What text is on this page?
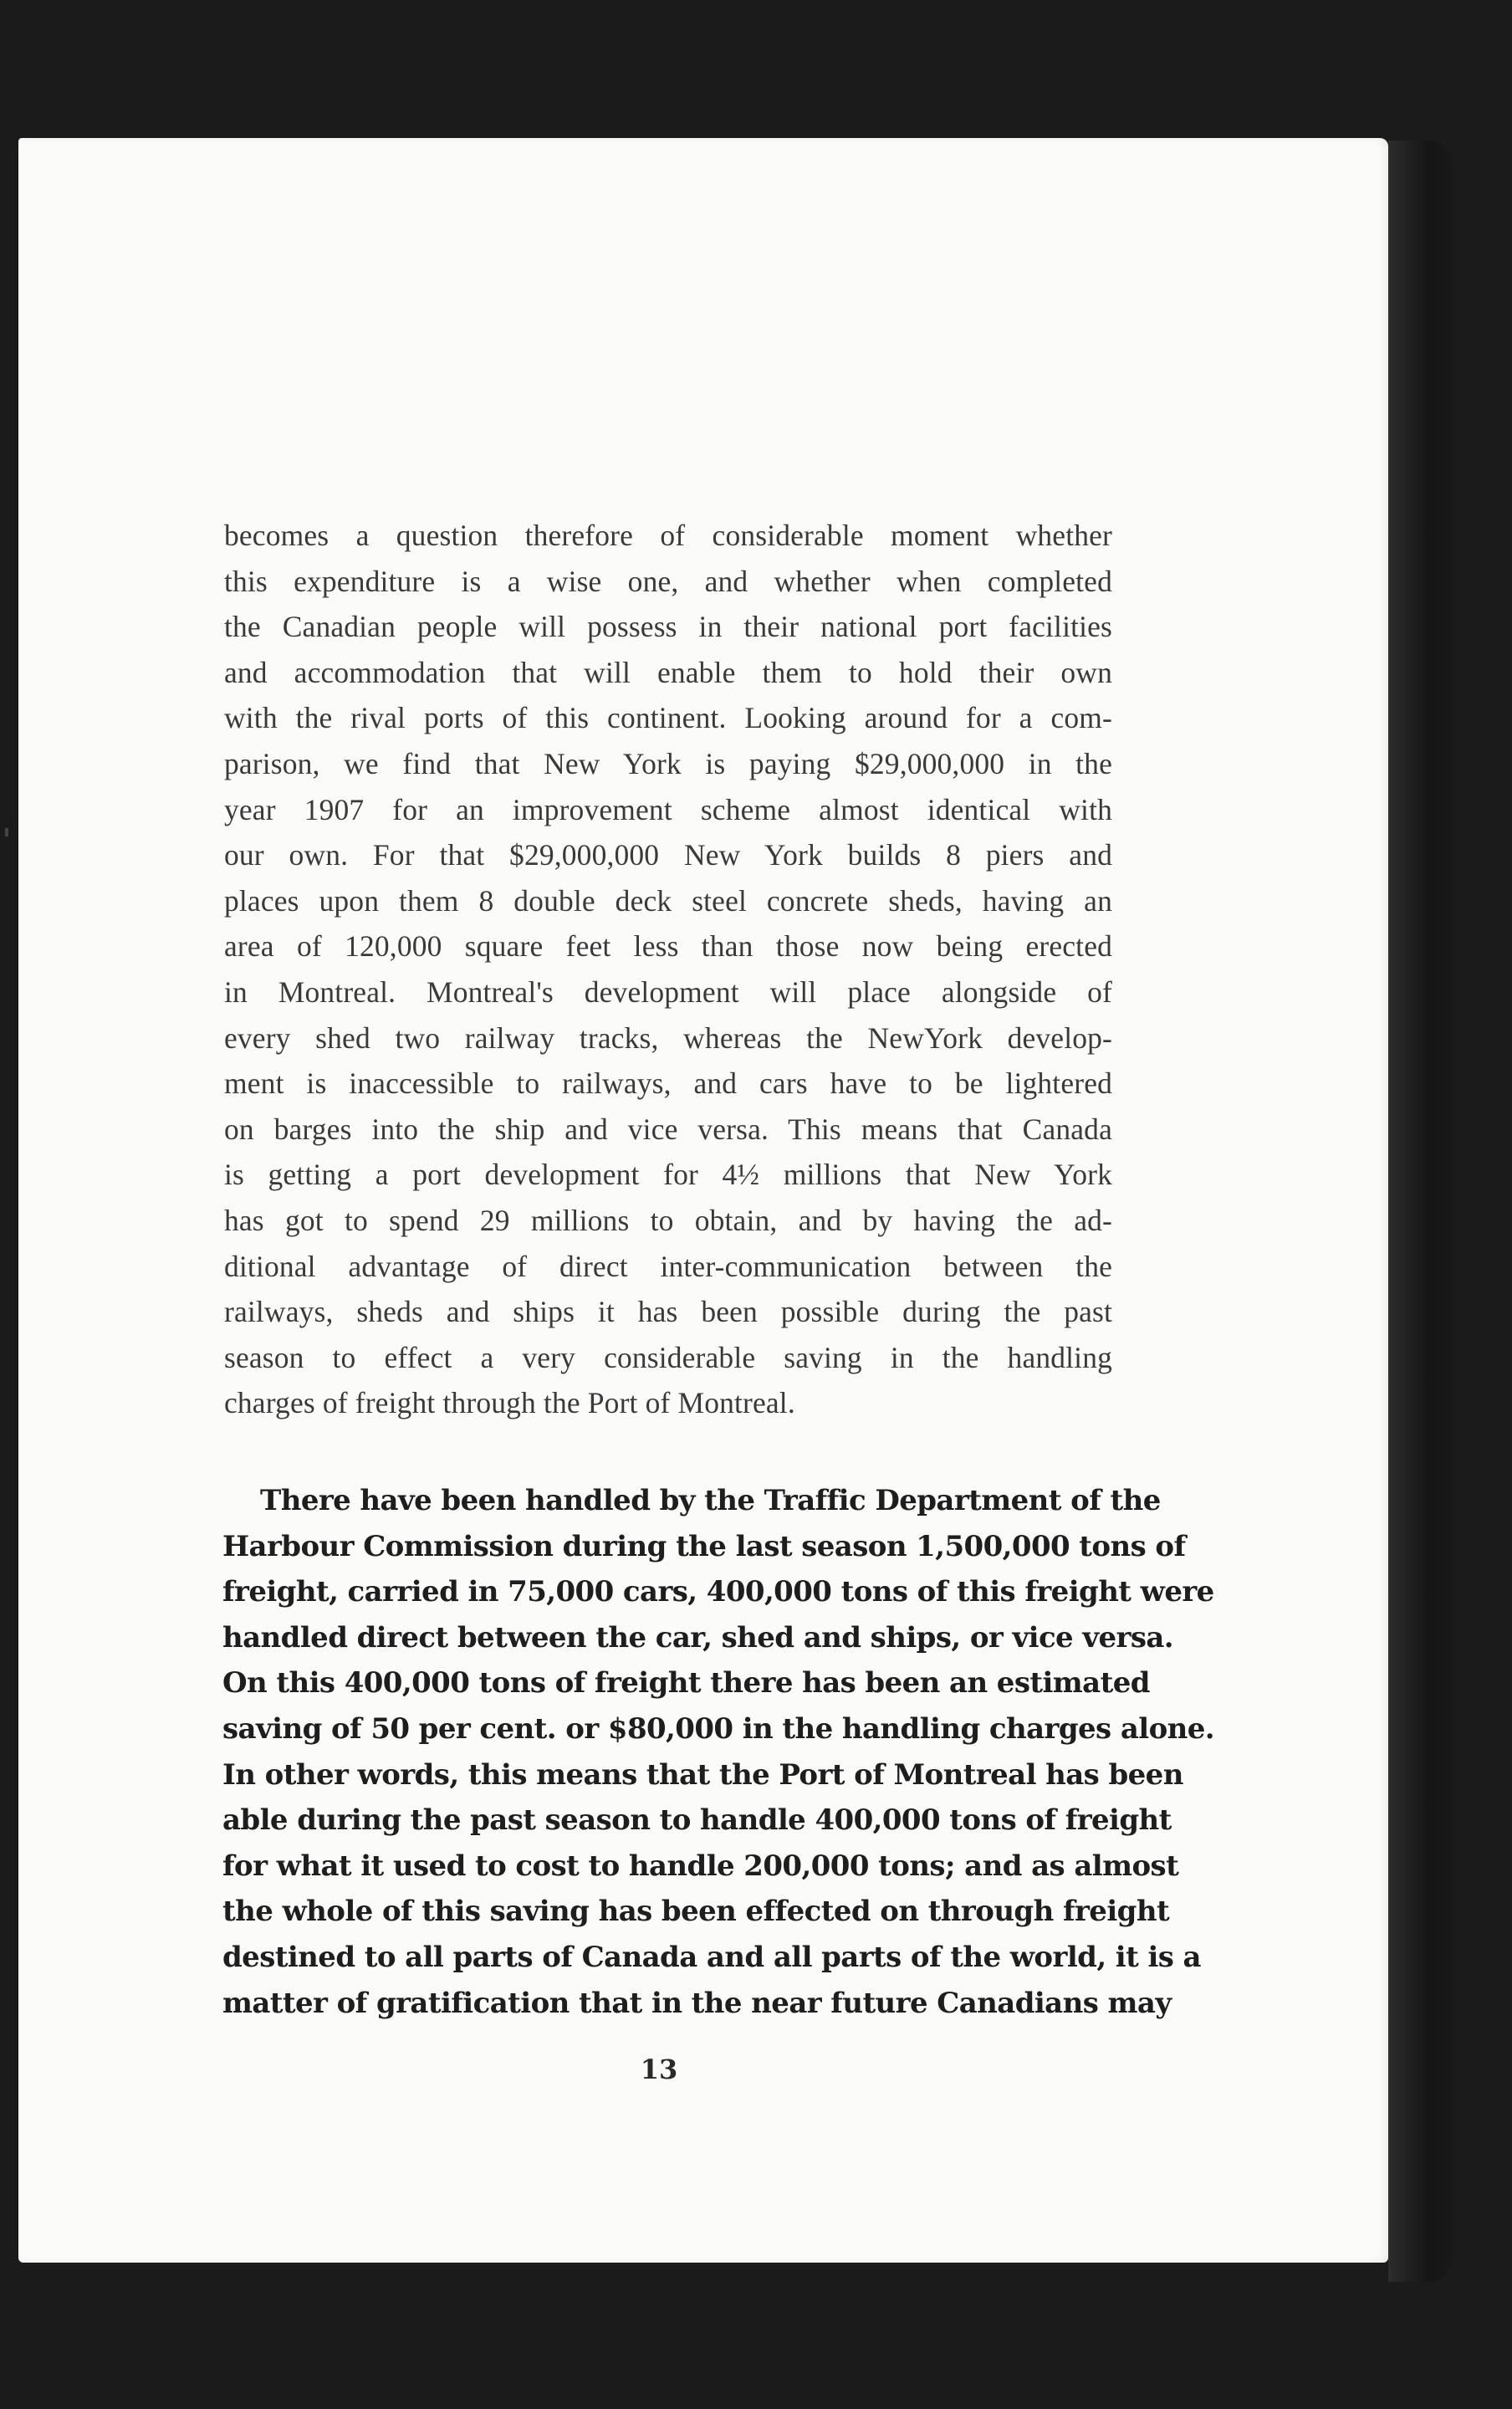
becomes a question therefore of considerable moment whether
this expenditure is a wise one, and whether when completed
the Canadian people will possess in their national port facilities
and accommodation that will enable them to hold their own
with the rival ports of this continent. Looking around for a com-
parison, we find that New York is paying $29,000,000 in the
year 1907 for an improvement scheme almost identical with
our own. For that $29,000,000 New York builds 8 piers and
places upon them 8 double deck steel concrete sheds, having an
area of 120,000 square feet less than those now being erected
in Montreal. Montreal's development will place alongside of
every shed two railway tracks, whereas the NewYork develop-
ment is inaccessible to railways, and cars have to be lightered
on barges into the ship and vice versa. This means that Canada
is getting a port development for 4½ millions that New York
has got to spend 29 millions to obtain, and by having the ad-
ditional advantage of direct inter-communication between the
railways, sheds and ships it has been possible during the past
season to effect a very considerable saving in the handling
charges of freight through the Port of Montreal.
There have been handled by the Traffic Department of the
Harbour Commission during the last season 1,500,000 tons of
freight, carried in 75,000 cars, 400,000 tons of this freight were
handled direct between the car, shed and ships, or vice versa.
On this 400,000 tons of freight there has been an estimated
saving of 50 per cent. or $80,000 in the handling charges alone.
In other words, this means that the Port of Montreal has been
able during the past season to handle 400,000 tons of freight
for what it used to cost to handle 200,000 tons; and as almost
the whole of this saving has been effected on through freight
destined to all parts of Canada and all parts of the world, it is a
matter of gratification that in the near future Canadians may
13
